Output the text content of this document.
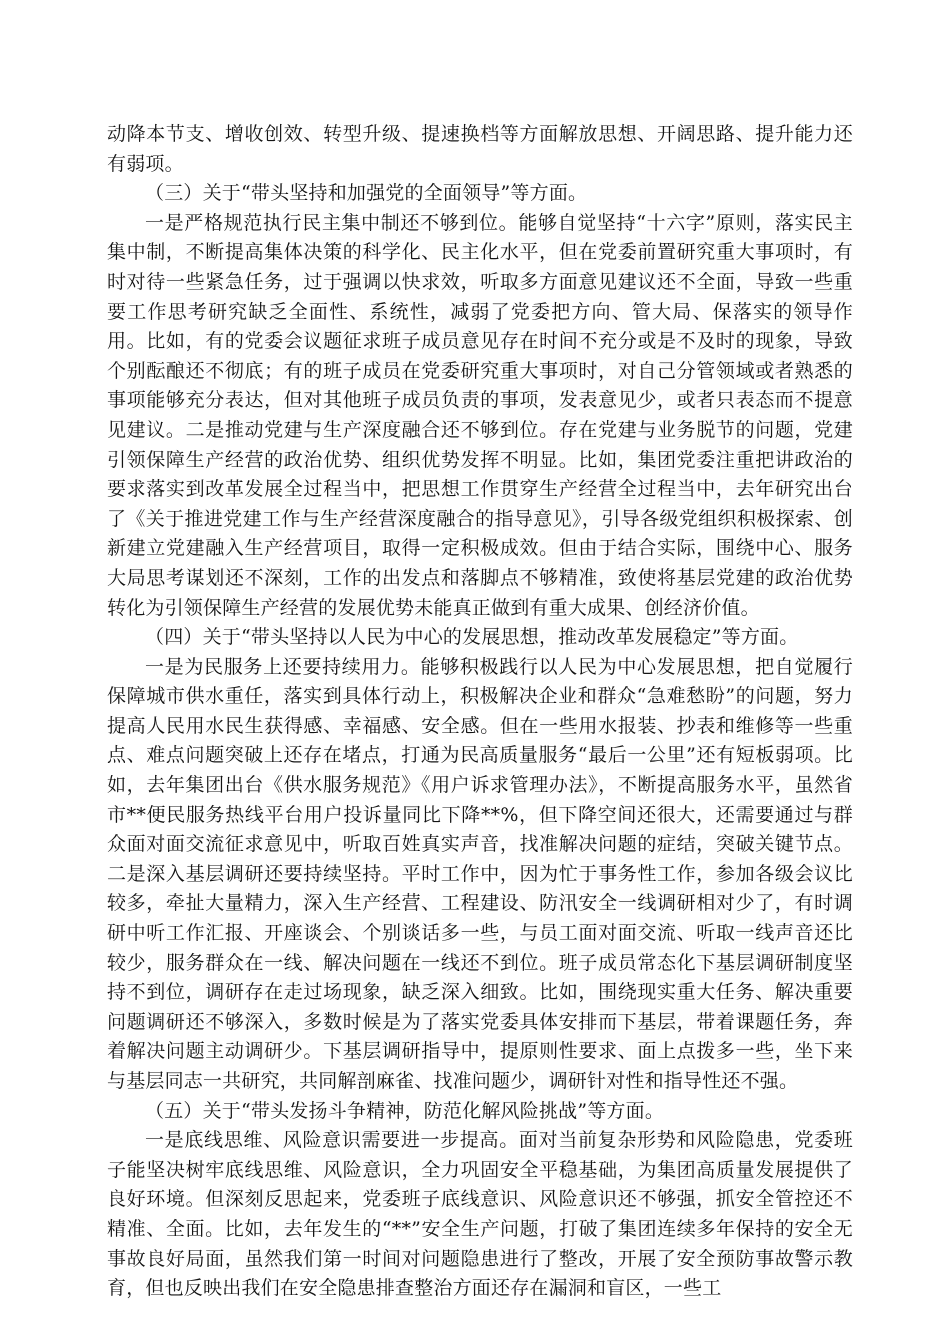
动降本节支、增收创效、转型升级、提速换档等方面解放思想、开阔思路、提升能力还有弱项。

（三）关于“带头坚持和加强党的全面领导”等方面。

一是严格规范执行民主集中制还不够到位。能够自觉坚持“十六字”原则，落实民主集中制，不断提高集体决策的科学化、民主化水平，但在党委前置研究重大事项时，有时对待一些紧急任务，过于强调以快求效，听取多方面意见建议还不全面，导致一些重要工作思考研究缺乏全面性、系统性，减弱了党委把方向、管大局、保落实的领导作用。比如，有的党委会议题征求班子成员意见存在时间不充分或是不及时的现象，导致个别酝酿还不彻底；有的班子成员在党委研究重大事项时，对自己分管领域或者熟悉的事项能够充分表达，但对其他班子成员负责的事项，发表意见少，或者只表态而不提意见建议。二是推动党建与生产深度融合还不够到位。存在党建与业务脱节的问题，党建引领保障生产经营的政治优势、组织优势发挥不明显。比如，集团党委注重把讲政治的要求落实到改革发展全过程当中，把思想工作贯穿生产经营全过程当中，去年研究出台了《关于推进党建工作与生产经营深度融合的指导意见》，引导各级党组织积极探索、创新建立党建融入生产经营项目，取得一定积极成效。但由于结合实际，围绕中心、服务大局思考谋划还不深刻，工作的出发点和落脚点不够精准，致使将基层党建的政治优势转化为引领保障生产经营的发展优势未能真正做到有重大成果、创经济价值。

（四）关于“带头坚持以人民为中心的发展思想，推动改革发展稳定”等方面。

一是为民服务上还要持续用力。能够积极践行以人民为中心发展思想，把自觉履行保障城市供水重任，落实到具体行动上，积极解决企业和群众“急难愁盼”的问题，努力提高人民用水民生获得感、幸福感、安全感。但在一些用水报装、抄表和维修等一些重点、难点问题突破上还存在堵点，打通为民高质量服务“最后一公里”还有短板弱项。比如，去年集团出台《供水服务规范》《用户诉求管理办法》，不断提高服务水平，虽然省市**便民服务热线平台用户投诉量同比下降**%，但下降空间还很大，还需要通过与群众面对面交流征求意见中，听取百姓真实声音，找准解决问题的症结，突破关键节点。二是深入基层调研还要持续坚持。平时工作中，因为忙于事务性工作，参加各级会议比较多，牵扯大量精力，深入生产经营、工程建设、防汛安全一线调研相对少了，有时调研中听工作汇报、开座谈会、个别谈话多一些，与员工面对面交流、听取一线声音还比较少，服务群众在一线、解决问题在一线还不到位。班子成员常态化下基层调研制度坚持不到位，调研存在走过场现象，缺乏深入细致。比如，围绕现实重大任务、解决重要问题调研还不够深入，多数时候是为了落实党委具体安排而下基层，带着课题任务，奔着解决问题主动调研少。下基层调研指导中，提原则性要求、面上点拨多一些，坐下来与基层同志一共研究，共同解剖麻雀、找准问题少，调研针对性和指导性还不强。

（五）关于“带头发扬斗争精神，防范化解风险挑战”等方面。

一是底线思维、风险意识需要进一步提高。面对当前复杂形势和风险隐患，党委班子能坚决树牢底线思维、风险意识，全力巩固安全平稳基础，为集团高质量发展提供了良好环境。但深刻反思起来，党委班子底线意识、风险意识还不够强，抓安全管控还不精准、全面。比如，去年发生的“**”安全生产问题，打破了集团连续多年保持的安全无事故良好局面，虽然我们第一时间对问题隐患进行了整改，开展了安全预防事故警示教育，但也反映出我们在安全隐患排查整治方面还存在漏洞和盲区，一些工
